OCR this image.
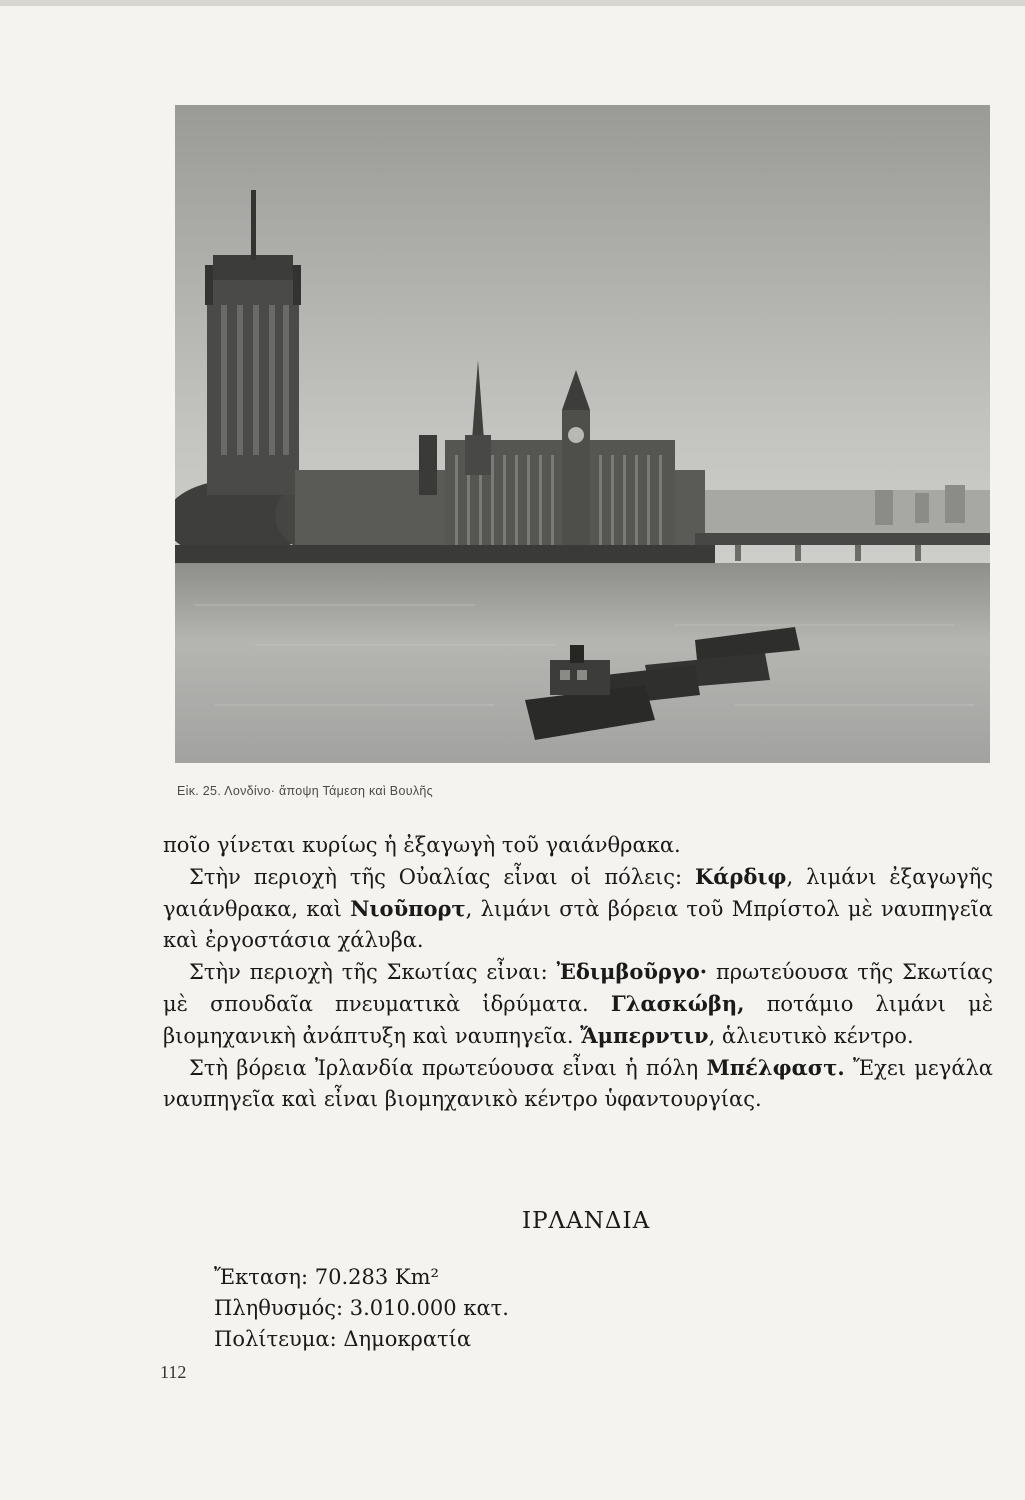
Εἰκ. 25. Λονδίνο· ἄποψη Τάμεση καὶ Βουλῆς

ποῖο γίνεται κυρίως ἡ ἐξαγωγὴ τοῦ γαιάνθρακα.

Στὴν περιοχὴ τῆς Οὐαλίας εἶναι οἱ πόλεις: Κάρδιφ, λιμάνι ἐξαγωγῆς γαιάνθρακα, καὶ Νιοῦπορτ, λιμάνι στὰ βόρεια τοῦ Μπρίστολ μὲ ναυπηγεῖα καὶ ἐργοστάσια χάλυβα.

Στὴν περιοχὴ τῆς Σκωτίας εἶναι: Ἐδιμβοῦργο· πρωτεύουσα τῆς Σκωτίας μὲ σπουδαῖα πνευματικὰ ἱδρύματα. Γλασκώβη, ποτάμιο λιμάνι μὲ βιομηχανικὴ ἀνάπτυξη καὶ ναυπηγεῖα. Ἄμπερντιν, ἁλιευτικὸ κέντρο.

Στὴ βόρεια Ἰρλανδία πρωτεύουσα εἶναι ἡ πόλη Μπέλφαστ. Ἔχει μεγάλα ναυπηγεῖα καὶ εἶναι βιομηχανικὸ κέντρο ὑφαντουργίας.

ΙΡΛΑΝΔΙΑ
Ἔκταση: 70.283 Km²
Πληθυσμός: 3.010.000 κατ.
Πολίτευμα: Δημοκρατία
112
